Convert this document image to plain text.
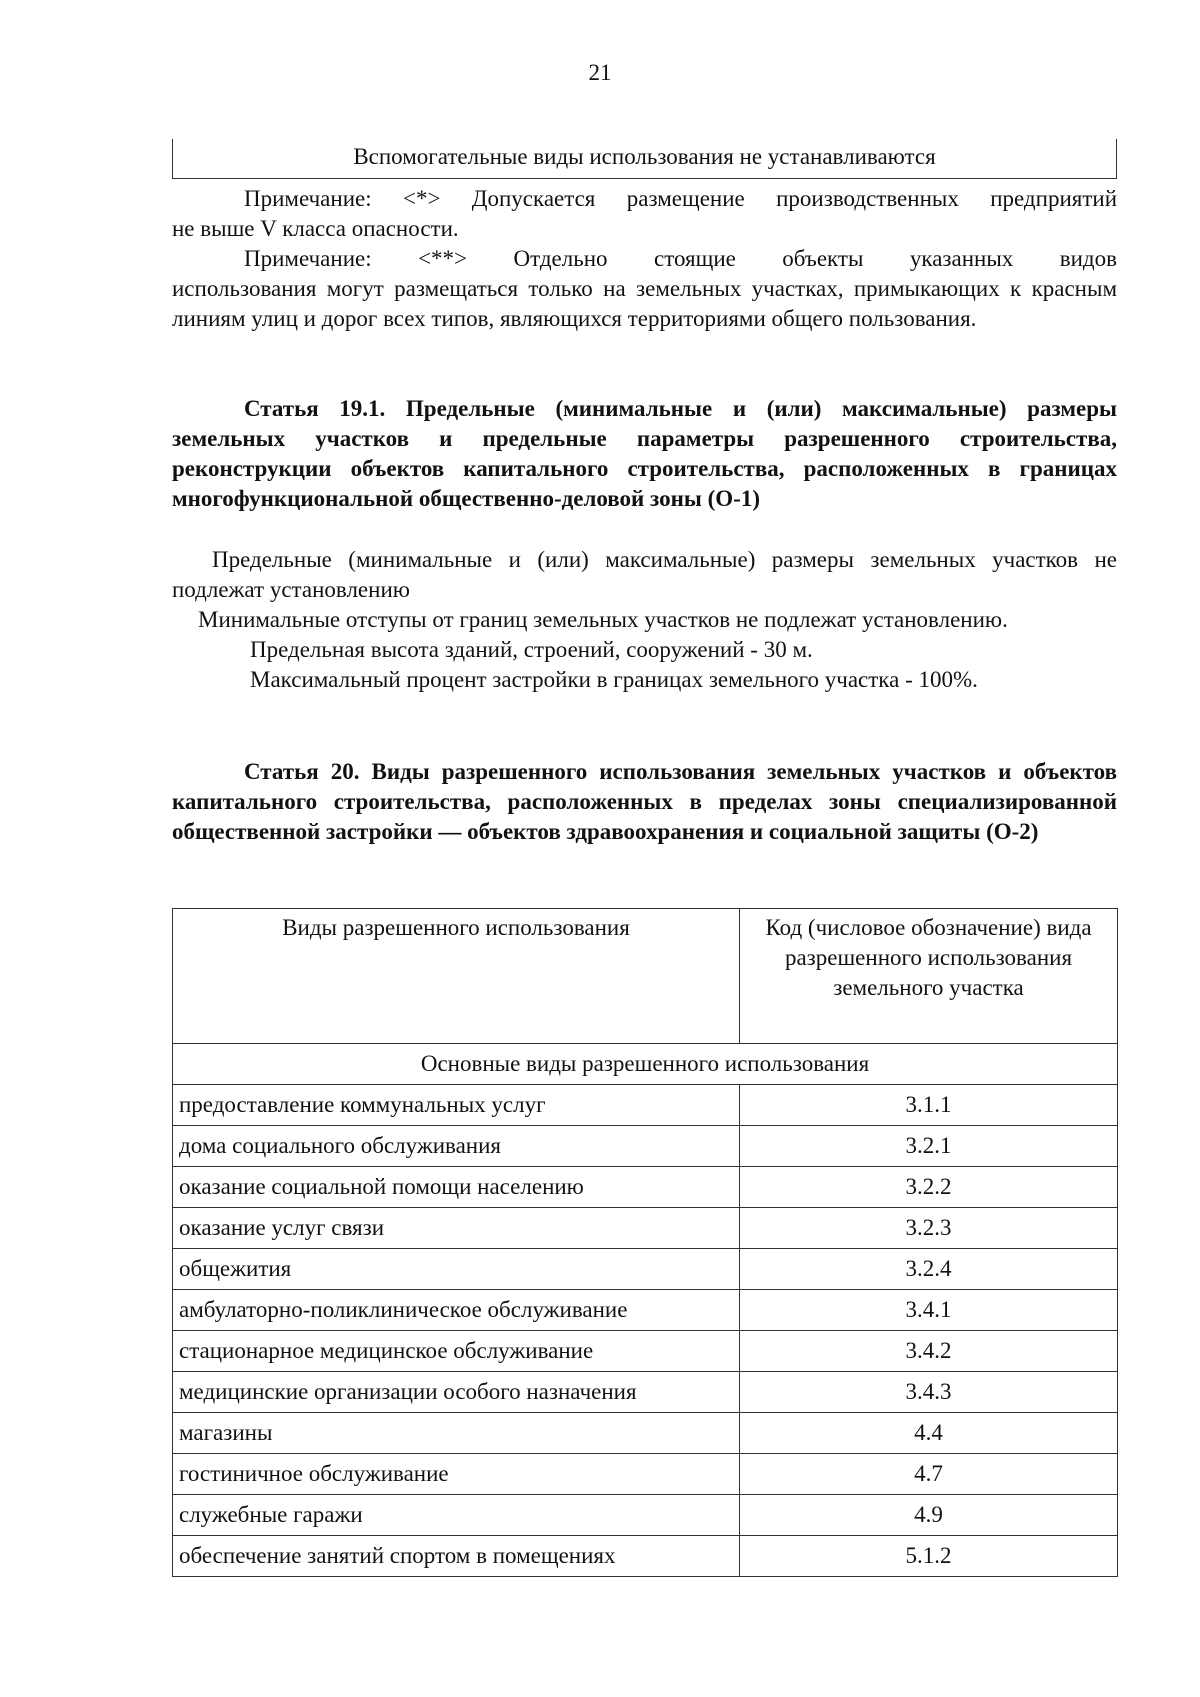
21
Вспомогательные виды использования не устанавливаются

Примечание: <*> Допускается размещение производственных предприятий

не выше V класса опасности.

Примечание: <**> Отдельно стоящие объекты указанных видов

использования могут размещаться только на земельных участках, примыкающих к красным линиям улиц и дорог всех типов, являющихся территориями общего пользования.

Статья 19.1. Предельные (минимальные и (или) максимальные) размеры земельных участков и предельные параметры разрешенного строительства, реконструкции объектов капитального строительства, расположенных в границах многофункциональной общественно-деловой зоны (О-1)

Предельные (минимальные и (или) максимальные) размеры земельных участков не подлежат установлению

Минимальные отступы от границ земельных участков не подлежат установлению.

Предельная высота зданий, строений, сооружений - 30 м.

Максимальный процент застройки в границах земельного участка - 100%.

Статья 20. Виды разрешенного использования земельных участков и объектов капитального строительства, расположенных в пределах зоны специализированной общественной застройки — объектов здравоохранения и социальной защиты (О-2)

Виды разрешенного использования	Код (числовое обозначение) вида разрешенного использования земельного участка
Основные виды разрешенного использования	
предоставление коммунальных услуг	3.1.1
дома социального обслуживания	3.2.1
оказание социальной помощи населению	3.2.2
оказание услуг связи	3.2.3
общежития	3.2.4
амбулаторно-поликлиническое обслуживание	3.4.1
стационарное медицинское обслуживание	3.4.2
медицинские организации особого назначения	3.4.3
магазины	4.4
гостиничное обслуживание	4.7
служебные гаражи	4.9
обеспечение занятий спортом в помещениях	5.1.2
